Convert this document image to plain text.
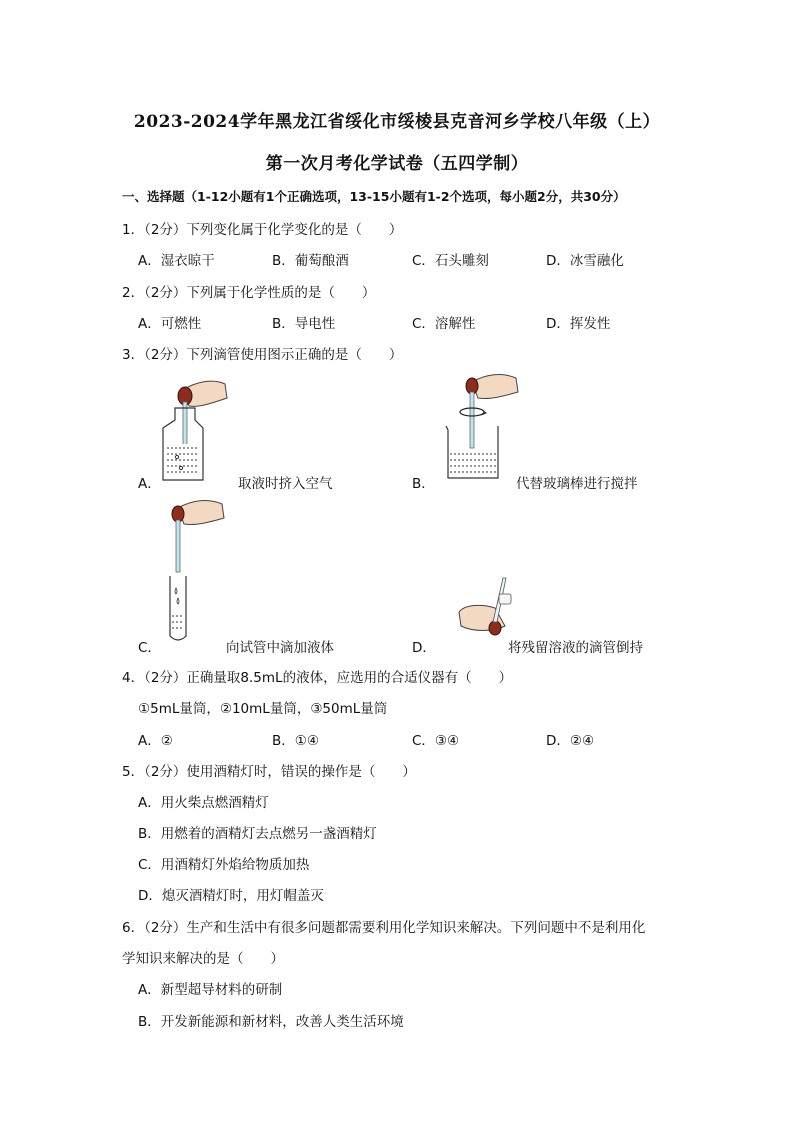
2023-2024学年黑龙江省绥化市绥棱县克音河乡学校八年级（上）
第一次月考化学试卷（五四学制）
一、选择题（1-12小题有1个正确选项，13-15小题有1-2个选项，每小题2分，共30分）
1．（2分）下列变化属于化学变化的是（　　）
A．湿衣晾干	B．葡萄酿酒	C．石头雕刻	D．冰雪融化
2．（2分）下列属于化学性质的是（　　）
A．可燃性	B．导电性	C．溶解性	D．挥发性
3．（2分）下列滴管使用图示正确的是（　　）
A．	取液时挤入空气	B．	代替玻璃棒进行搅拌
C．	向试管中滴加液体	D．	将残留溶液的滴管倒持
4．（2分）正确量取8.5mL的液体，应选用的合适仪器有（　　）
①5mL量筒，②10mL量筒，③50mL量筒
A．②	B．①④	C．③④	D．②④
5．（2分）使用酒精灯时，错误的操作是（　　）
A．用火柴点燃酒精灯
B．用燃着的酒精灯去点燃另一盏酒精灯
C．用酒精灯外焰给物质加热
D．熄灭酒精灯时，用灯帽盖灭
6．（2分）生产和生活中有很多问题都需要利用化学知识来解决。下列问题中不是利用化
学知识来解决的是（　　）
A．新型超导材料的研制
B．开发新能源和新材料，改善人类生活环境
